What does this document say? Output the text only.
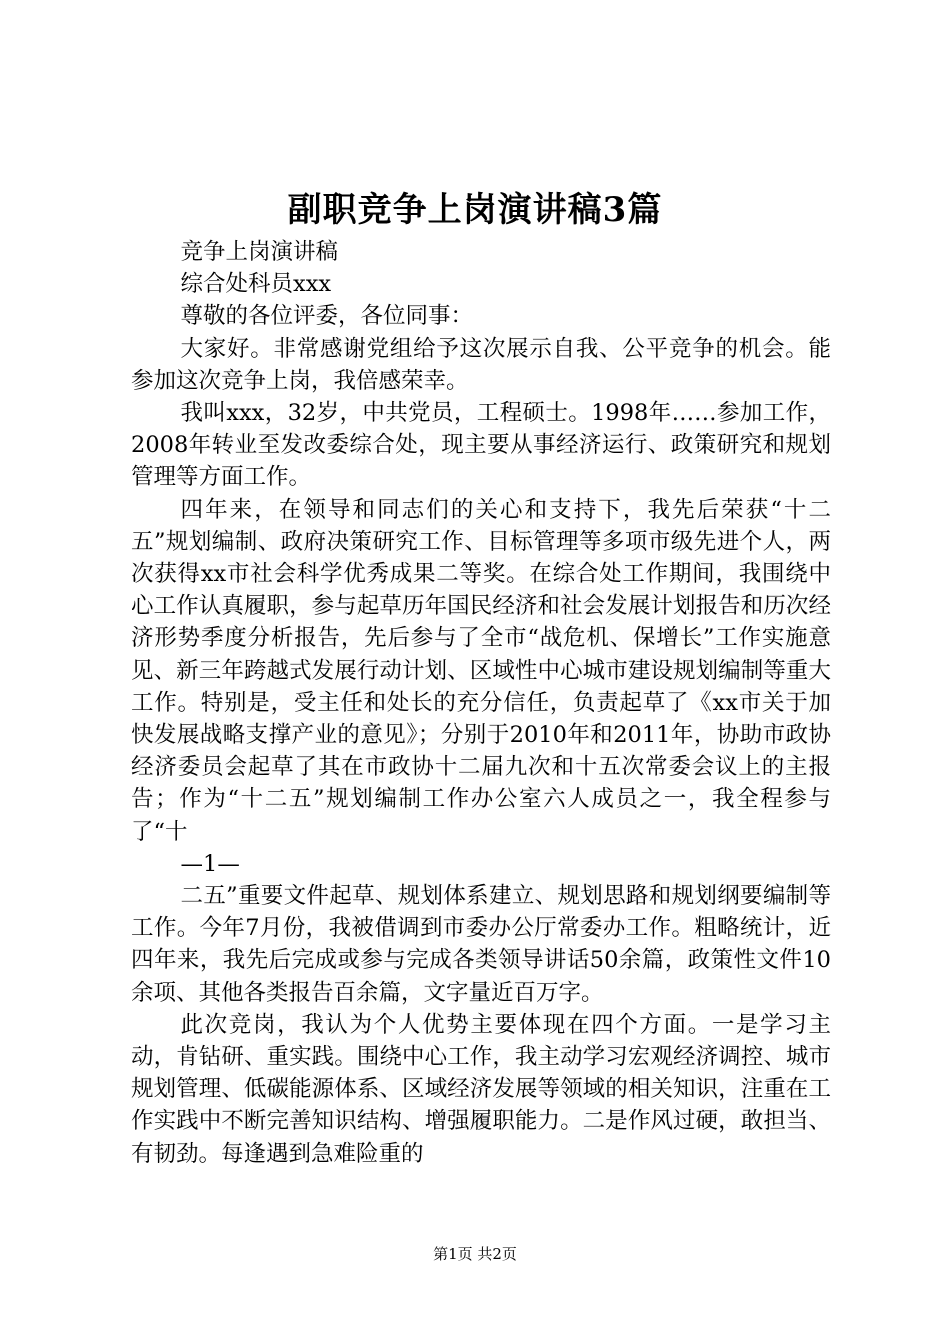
副职竞争上岗演讲稿3篇

竞争上岗演讲稿

综合处科员xxx

尊敬的各位评委，各位同事：

大家好。非常感谢党组给予这次展示自我、公平竞争的机会。能参加这次竞争上岗，我倍感荣幸。

我叫xxx，32岁，中共党员，工程硕士。1998年……参加工作，2008年转业至发改委综合处，现主要从事经济运行、政策研究和规划管理等方面工作。

四年来，在领导和同志们的关心和支持下，我先后荣获“十二五”规划编制、政府决策研究工作、目标管理等多项市级先进个人，两次获得xx市社会科学优秀成果二等奖。在综合处工作期间，我围绕中心工作认真履职，参与起草历年国民经济和社会发展计划报告和历次经济形势季度分析报告，先后参与了全市“战危机、保增长”工作实施意见、新三年跨越式发展行动计划、区域性中心城市建设规划编制等重大工作。特别是，受主任和处长的充分信任，负责起草了《xx市关于加快发展战略支撑产业的意见》；分别于2010年和2011年，协助市政协经济委员会起草了其在市政协十二届九次和十五次常委会议上的主报告；作为“十二五”规划编制工作办公室六人成员之一，我全程参与了“十

—1—

二五”重要文件起草、规划体系建立、规划思路和规划纲要编制等工作。今年7月份，我被借调到市委办公厅常委办工作。粗略统计，近四年来，我先后完成或参与完成各类领导讲话50余篇，政策性文件10余项、其他各类报告百余篇，文字量近百万字。

此次竞岗，我认为个人优势主要体现在四个方面。一是学习主动，肯钻研、重实践。围绕中心工作，我主动学习宏观经济调控、城市规划管理、低碳能源体系、区域经济发展等领域的相关知识，注重在工作实践中不断完善知识结构、增强履职能力。二是作风过硬，敢担当、有韧劲。每逢遇到急难险重的

第1页 共2页
